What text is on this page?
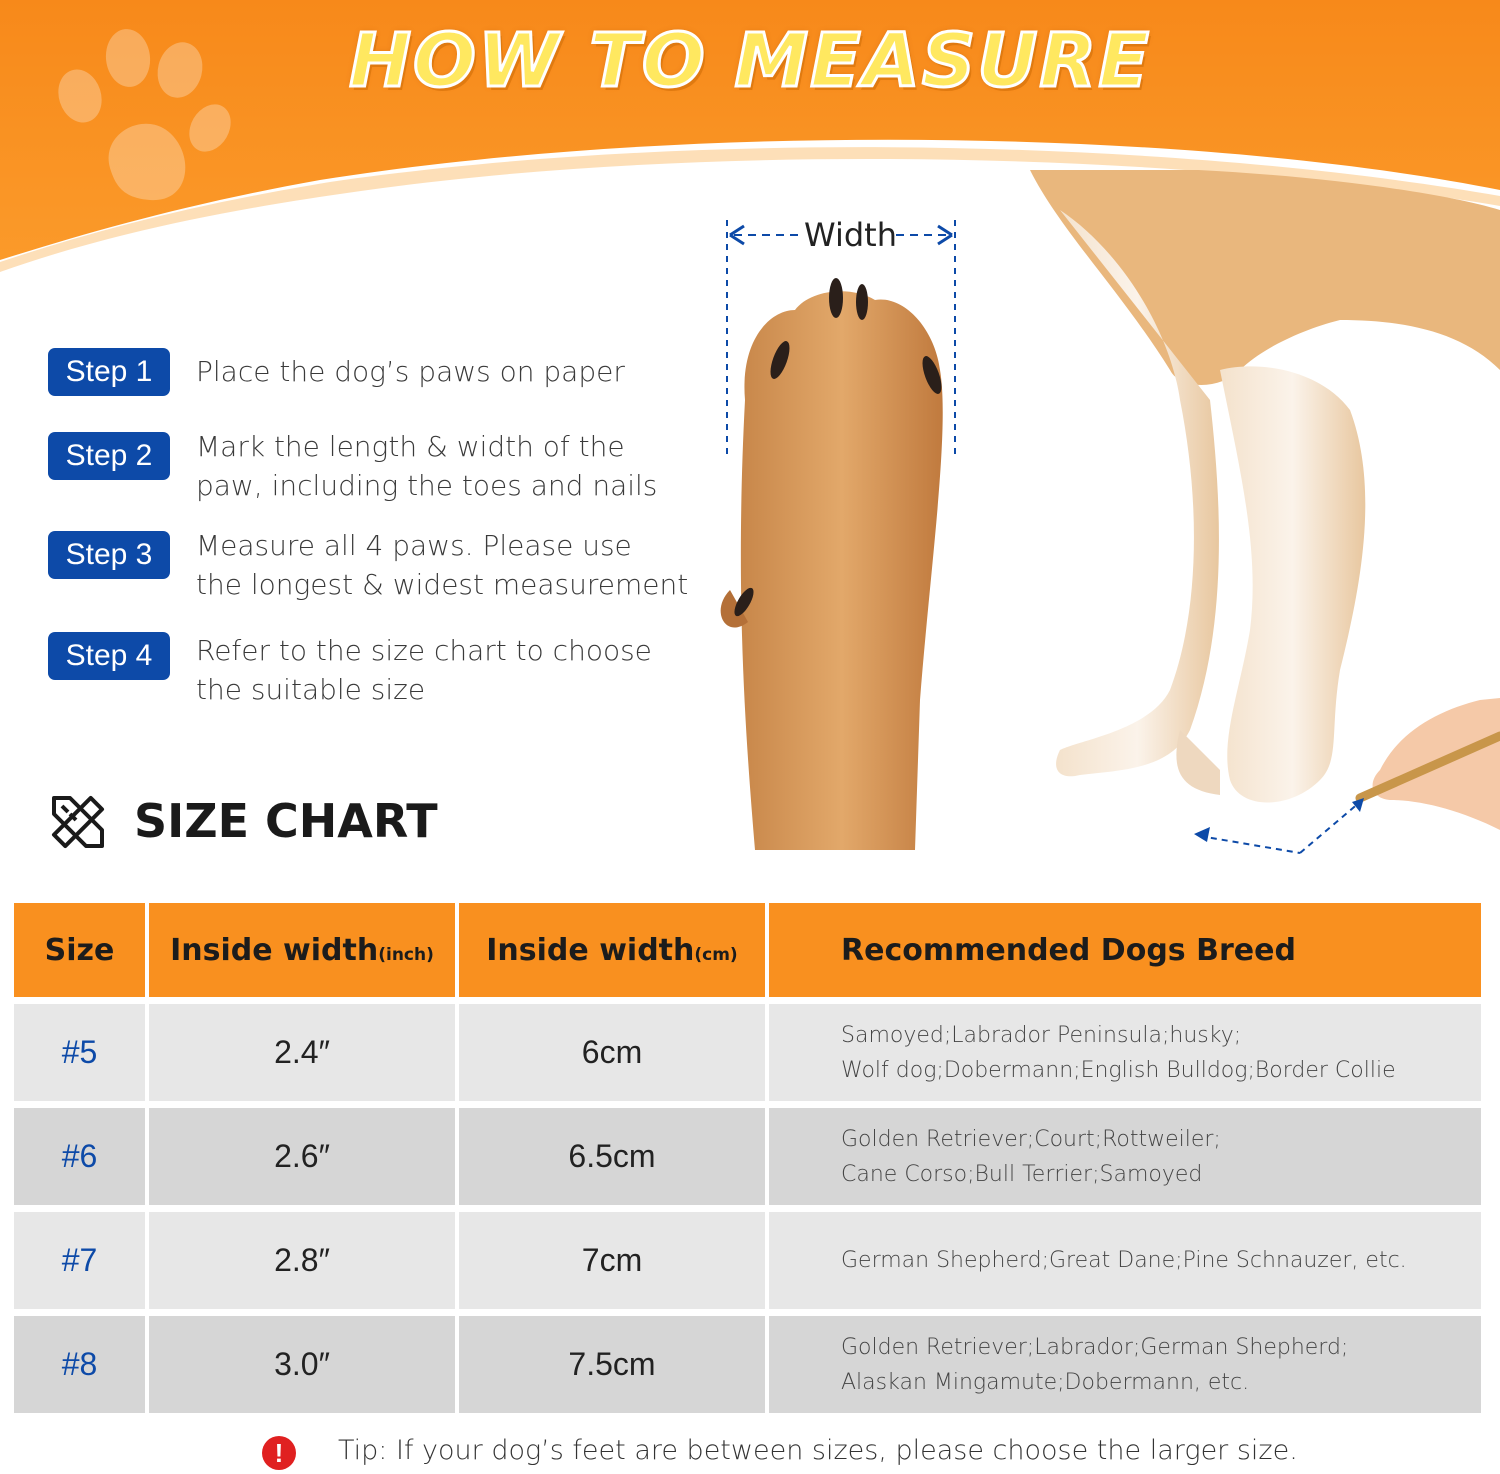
HOW TO MEASURE
Width
Step 1	Place the dog’s paws on paper
Step 2	Mark the length & width of the
paw, including the toes and nails
Step 3	Measure all 4 paws. Please use
the longest & widest measurement
Step 4	Refer to the size chart to choose
the suitable size
SIZE CHART
Size	Inside width(inch)	Inside width(cm)	Recommended Dogs Breed
#5	2.4″	6cm	Samoyed;Labrador Peninsula;husky;
Wolf dog;Dobermann;English Bulldog;Border Collie

#6	2.6″	6.5cm	Golden Retriever;Court;Rottweiler;
Cane Corso;Bull Terrier;Samoyed

#7	2.8″	7cm	German Shepherd;Great Dane;Pine Schnauzer, etc.

#8	3.0″	7.5cm	Golden Retriever;Labrador;German Shepherd;
Alaskan Mingamute;Dobermann, etc.
!	Tip: If your dog’s feet are between sizes, please choose the larger size.
